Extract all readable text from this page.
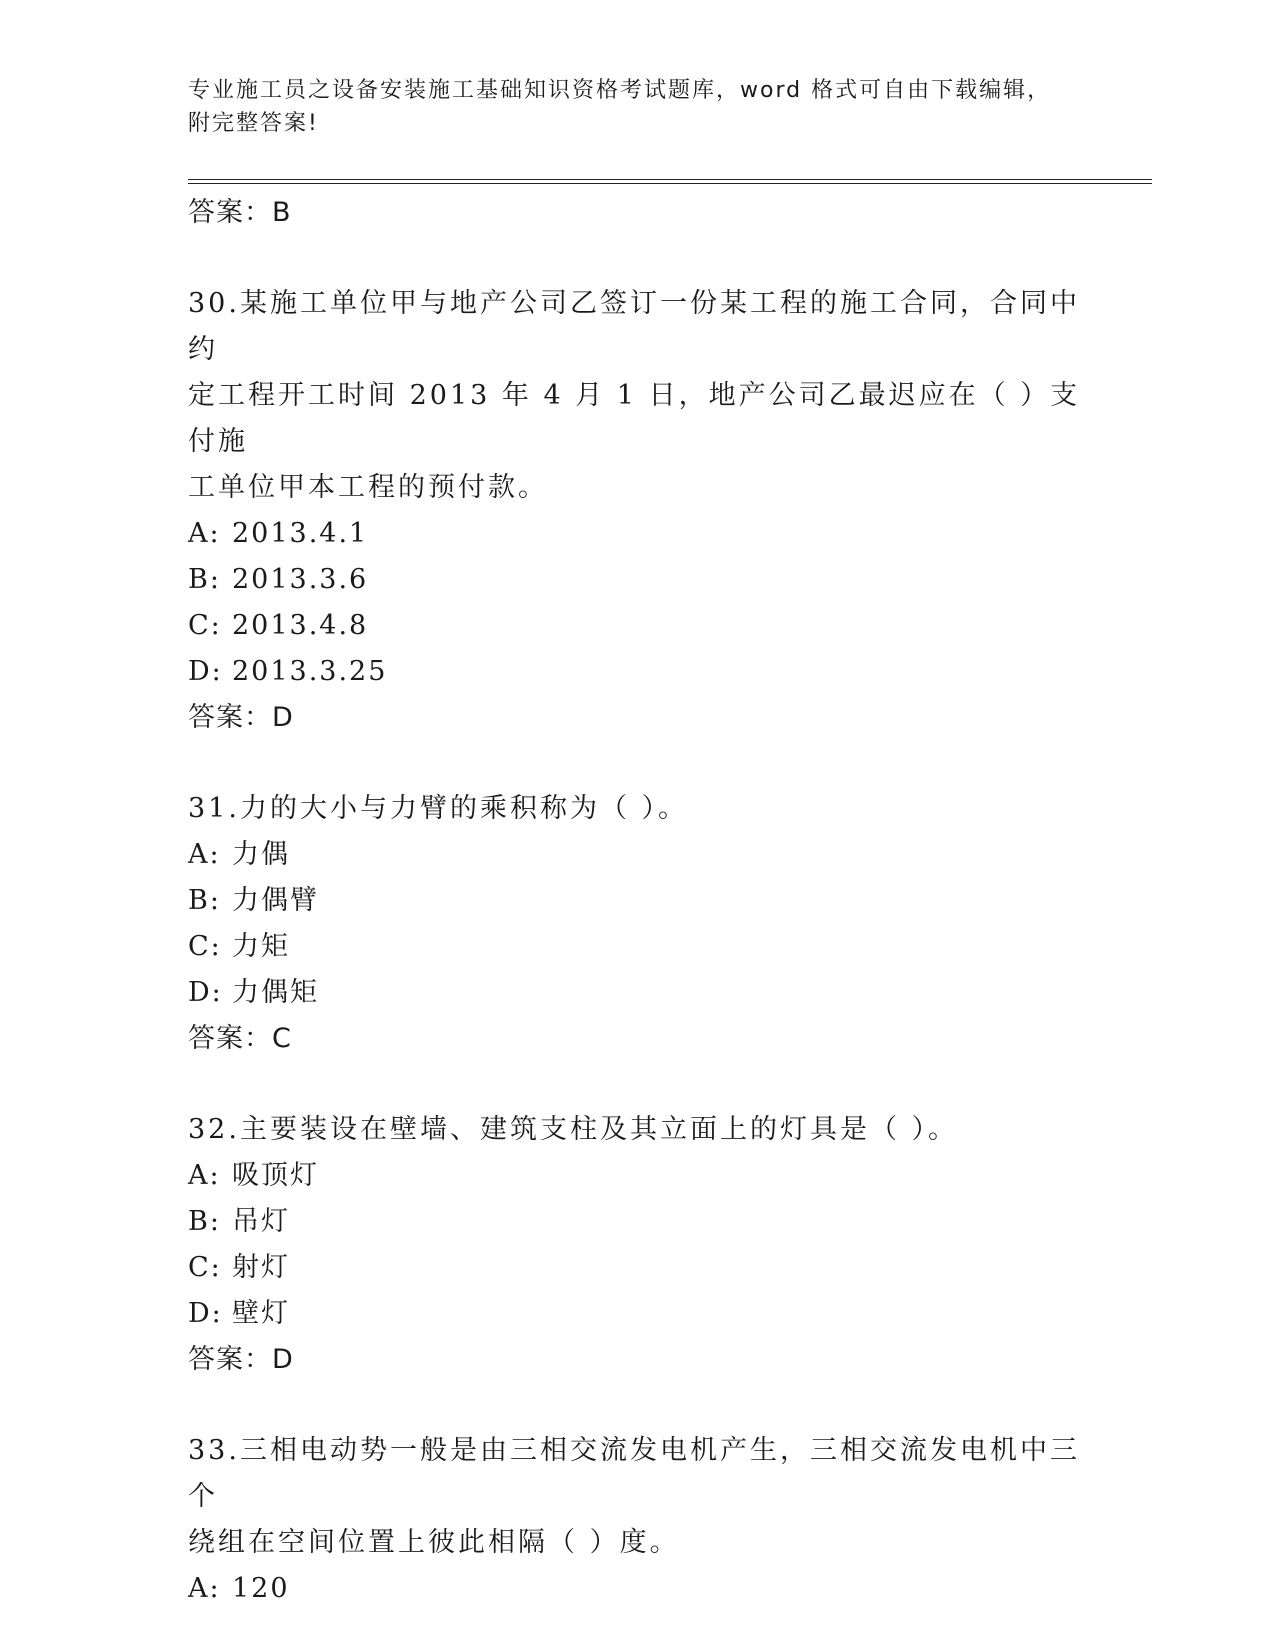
专业施工员之设备安装施工基础知识资格考试题库，word 格式可自由下载编辑，
附完整答案!
答案：B
30.某施工单位甲与地产公司乙签订一份某工程的施工合同，合同中约
定工程开工时间 2013 年 4 月 1 日，地产公司乙最迟应在（ ）支付施
工单位甲本工程的预付款。
A: 2013.4.1
B: 2013.3.6
C: 2013.4.8
D: 2013.3.25
答案：D
31.力的大小与力臂的乘积称为（ ）。
A: 力偶
B: 力偶臂
C: 力矩
D: 力偶矩
答案：C
32.主要装设在壁墙、建筑支柱及其立面上的灯具是（ ）。
A: 吸顶灯
B: 吊灯
C: 射灯
D: 壁灯
答案：D
33.三相电动势一般是由三相交流发电机产生，三相交流发电机中三个
绕组在空间位置上彼此相隔（ ）度。
A: 120
